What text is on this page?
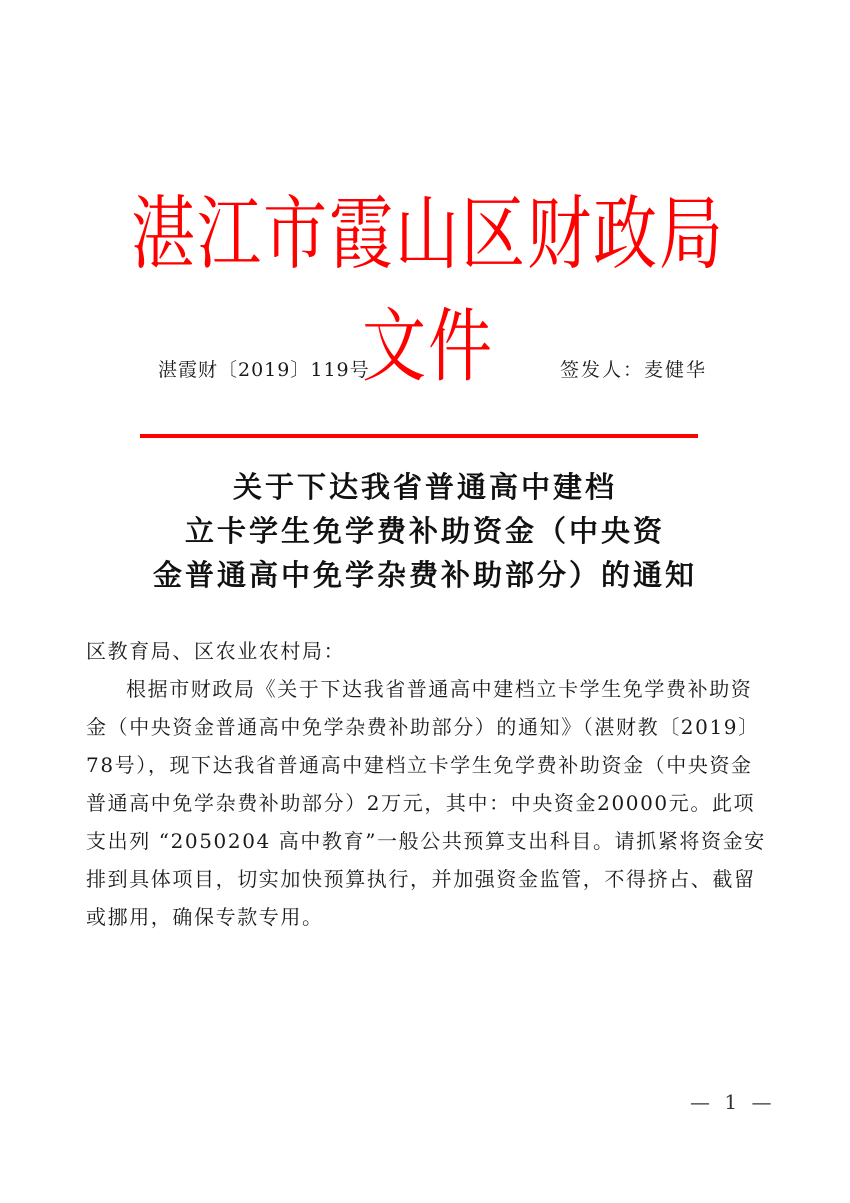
湛江市霞山区财政局文件
湛霞财〔2019〕119号	签发人：麦健华
关于下达我省普通高中建档
立卡学生免学费补助资金（中央资
金普通高中免学杂费补助部分）的通知

区教育局、区农业农村局：

根据市财政局《关于下达我省普通高中建档立卡学生免学费补助资金（中央资金普通高中免学杂费补助部分）的通知》（湛财教〔2019〕78号），现下达我省普通高中建档立卡学生免学费补助资金（中央资金普通高中免学杂费补助部分）2万元，其中：中央资金20000元。此项支出列 “2050204 高中教育”一般公共预算支出科目。请抓紧将资金安排到具体项目，切实加快预算执行，并加强资金监管，不得挤占、截留或挪用，确保专款专用。

— 1 —
